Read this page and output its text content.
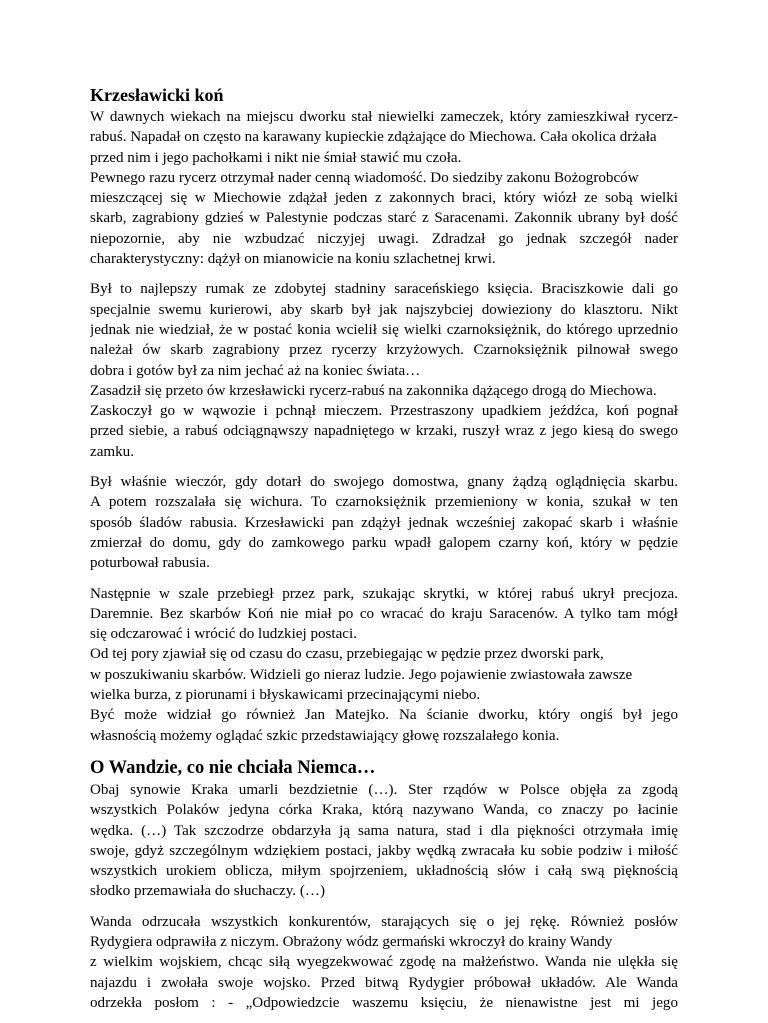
Krzesławicki koń

W dawnych wiekach na miejscu dworku stał niewielki zameczek, który zamieszkiwał rycerz-
rabuś. Napadał on często na karawany kupieckie zdążające do Miechowa. Cała okolica drżała
przed nim i jego pachołkami i nikt nie śmiał stawić mu czoła.
Pewnego razu rycerz otrzymał nader cenną wiadomość. Do siedziby zakonu Bożogrobców
mieszczącej się w Miechowie zdążał jeden z zakonnych braci, który wiózł ze sobą wielki
skarb, zagrabiony gdzieś w Palestynie podczas starć z Saracenami. Zakonnik ubrany był dość
niepozornie, aby nie wzbudzać niczyjej uwagi. Zdradzał go jednak szczegół nader
charakterystyczny: dążył on mianowicie na koniu szlachetnej krwi.

Był to najlepszy rumak ze zdobytej stadniny saraceńskiego księcia. Braciszkowie dali go
specjalnie swemu kurierowi, aby skarb był jak najszybciej dowieziony do klasztoru. Nikt
jednak nie wiedział, że w postać konia wcielił się wielki czarnoksiężnik, do którego uprzednio
należał ów skarb zagrabiony przez rycerzy krzyżowych. Czarnoksiężnik pilnował swego
dobra i gotów był za nim jechać aż na koniec świata…
Zasadził się przeto ów krzesławicki rycerz-rabuś na zakonnika dążącego drogą do Miechowa.
Zaskoczył go w wąwozie i pchnął mieczem. Przestraszony upadkiem jeźdźca, koń pognał
przed siebie, a rabuś odciągnąwszy napadniętego w krzaki, ruszył wraz z jego kiesą do swego
zamku.

Był właśnie wieczór, gdy dotarł do swojego domostwa, gnany żądzą oglądnięcia skarbu.
A potem rozszalała się wichura. To czarnoksiężnik przemieniony w konia, szukał w ten
sposób śladów rabusia. Krzesławicki pan zdążył jednak wcześniej zakopać skarb i właśnie
zmierzał do domu, gdy do zamkowego parku wpadł galopem czarny koń, który w pędzie
poturbował rabusia.

Następnie w szale przebiegł przez park, szukając skrytki, w której rabuś ukrył precjoza.
Daremnie. Bez skarbów Koń nie miał po co wracać do kraju Saracenów. A tylko tam mógł
się odczarować i wrócić do ludzkiej postaci.
Od tej pory zjawiał się od czasu do czasu, przebiegając w pędzie przez dworski park,
w poszukiwaniu skarbów. Widzieli go nieraz ludzie. Jego pojawienie zwiastowała zawsze
wielka burza, z piorunami i błyskawicami przecinającymi niebo.
Być może widział go również Jan Matejko. Na ścianie dworku, który ongiś był jego
własnością możemy oglądać szkic przedstawiający głowę rozszalałego konia.

O Wandzie, co nie chciała Niemca…

Obaj synowie Kraka umarli bezdzietnie (…). Ster rządów w Polsce objęła za zgodą
wszystkich Polaków jedyna córka Kraka, którą nazywano Wanda, co znaczy po łacinie
wędka. (…) Tak szczodrze obdarzyła ją sama natura, stad i dla piękności otrzymała imię
swoje, gdyż szczególnym wdziękiem postaci, jakby wędką zwracała ku sobie podziw i miłość
wszystkich urokiem oblicza, miłym spojrzeniem, układnością słów i całą swą pięknością
słodko przemawiała do słuchaczy. (…)

Wanda odrzucała wszystkich konkurentów, starających się o jej rękę. Również posłów
Rydygiera odprawiła z niczym. Obrażony wódz germański wkroczył do krainy Wandy
z wielkim wojskiem, chcąc siłą wyegzekwować zgodę na małżeństwo. Wanda nie ulękła się
najazdu i zwołała swoje wojsko. Przed bitwą Rydygier próbował układów. Ale Wanda
odrzekła posłom : - „Odpowiedzcie waszemu księciu, że nienawistne jest mi jego
